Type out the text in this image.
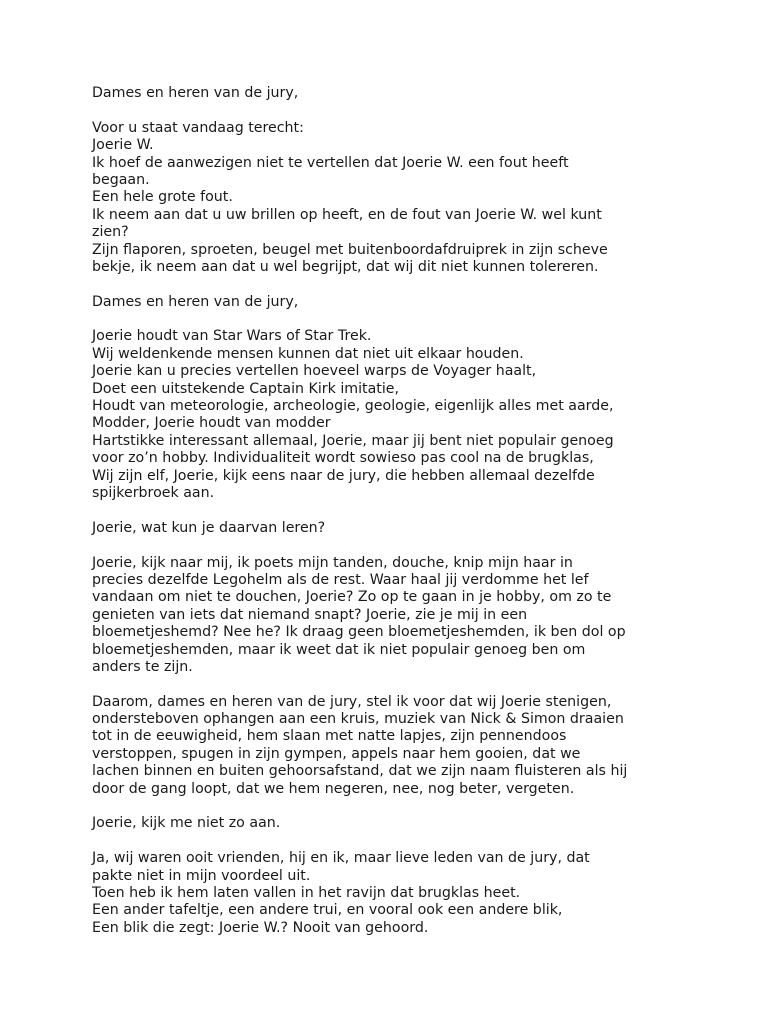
Dames en heren van de jury,
Voor u staat vandaag terecht:
Joerie W.
Ik hoef de aanwezigen niet te vertellen dat Joerie W. een fout heeft
begaan.
Een hele grote fout.
Ik neem aan dat u uw brillen op heeft, en de fout van Joerie W. wel kunt
zien?
Zijn flaporen, sproeten, beugel met buitenboordafdruiprek in zijn scheve
bekje, ik neem aan dat u wel begrijpt, dat wij dit niet kunnen tolereren.
Dames en heren van de jury,
Joerie houdt van Star Wars of Star Trek.
Wij weldenkende mensen kunnen dat niet uit elkaar houden.
Joerie kan u precies vertellen hoeveel warps de Voyager haalt,
Doet een uitstekende Captain Kirk imitatie,
Houdt van meteorologie, archeologie, geologie, eigenlijk alles met aarde,
Modder, Joerie houdt van modder
Hartstikke interessant allemaal, Joerie, maar jij bent niet populair genoeg
voor zo’n hobby. Individualiteit wordt sowieso pas cool na de brugklas,
Wij zijn elf, Joerie, kijk eens naar de jury, die hebben allemaal dezelfde
spijkerbroek aan.
Joerie, wat kun je daarvan leren?
Joerie, kijk naar mij, ik poets mijn tanden, douche, knip mijn haar in
precies dezelfde Legohelm als de rest. Waar haal jij verdomme het lef
vandaan om niet te douchen, Joerie? Zo op te gaan in je hobby, om zo te
genieten van iets dat niemand snapt? Joerie, zie je mij in een
bloemetjeshemd? Nee he? Ik draag geen bloemetjeshemden, ik ben dol op
bloemetjeshemden, maar ik weet dat ik niet populair genoeg ben om
anders te zijn.
Daarom, dames en heren van de jury, stel ik voor dat wij Joerie stenigen,
ondersteboven ophangen aan een kruis, muziek van Nick & Simon draaien
tot in de eeuwigheid, hem slaan met natte lapjes, zijn pennendoos
verstoppen, spugen in zijn gympen, appels naar hem gooien, dat we
lachen binnen en buiten gehoorsafstand, dat we zijn naam fluisteren als hij
door de gang loopt, dat we hem negeren, nee, nog beter, vergeten.
Joerie, kijk me niet zo aan.
Ja, wij waren ooit vrienden, hij en ik, maar lieve leden van de jury, dat
pakte niet in mijn voordeel uit.
Toen heb ik hem laten vallen in het ravijn dat brugklas heet.
Een ander tafeltje, een andere trui, en vooral ook een andere blik,
Een blik die zegt: Joerie W.? Nooit van gehoord.
